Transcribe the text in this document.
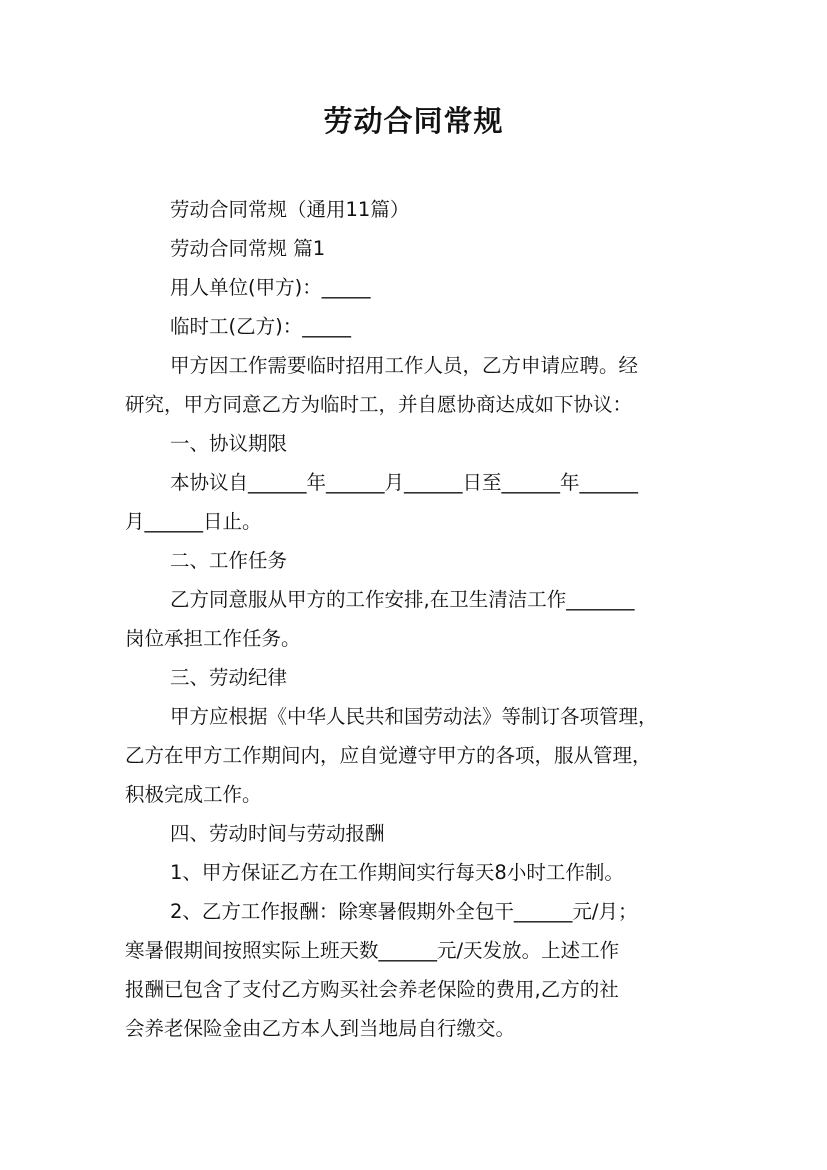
劳动合同常规
劳动合同常规（通用11篇）
劳动合同常规 篇1
用人单位(甲方)：_____
临时工(乙方)：_____
甲方因工作需要临时招用工作人员，乙方申请应聘。经
研究，甲方同意乙方为临时工，并自愿协商达成如下协议：
一、协议期限
本协议自______年______月______日至______年______
月______日止。
二、工作任务
乙方同意服从甲方的工作安排,在卫生清洁工作_______
岗位承担工作任务。
三、劳动纪律
甲方应根据《中华人民共和国劳动法》等制订各项管理，
乙方在甲方工作期间内，应自觉遵守甲方的各项，服从管理，
积极完成工作。
四、劳动时间与劳动报酬
1、甲方保证乙方在工作期间实行每天8小时工作制。
2、乙方工作报酬：除寒暑假期外全包干______元/月；
寒暑假期间按照实际上班天数______元/天发放。上述工作
报酬已包含了支付乙方购买社会养老保险的费用,乙方的社
会养老保险金由乙方本人到当地局自行缴交。
